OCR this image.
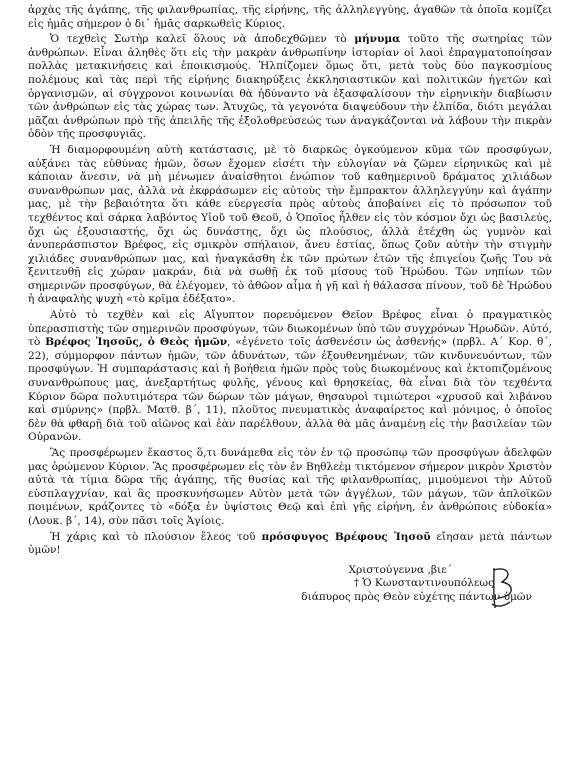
ἀρχὰς τῆς ἀγάπης, τῆς φιλανθρωπίας, τῆς εἰρήνης, τῆς ἀλληλεγγύης, ἀγαθῶν τὰ ὁποῖα κομίζει εἰς ἡμᾶς σήμερον ὁ δι᾽ ἡμᾶς σαρκωθεὶς Κύριος.

Ὁ τεχθεὶς Σωτὴρ καλεῖ ὅλους νὰ ἀποδεχθῶμεν τὸ μήνυμα τοῦτο τῆς σωτηρίας τῶν ἀνθρώπων. Εἶναι ἀληθὲς ὅτι εἰς τὴν μακρὰν ἀνθρωπίνην ἱστορίαν οἱ λαοὶ ἐπραγματοποίησαν πολλὰς μετακινήσεις καὶ ἐποικισμούς. Ἠλπίζομεν ὅμως ὅτι, μετὰ τοὺς δύο παγκοσμίους πολέμους καὶ τὰς περὶ τῆς εἰρήνης διακηρύξεις ἐκκλησιαστικῶν καὶ πολιτικῶν ἡγετῶν καὶ ὀργανισμῶν, αἱ σύγχρονοι κοινωνίαι θὰ ἠδύναντο νὰ ἐξασφαλίσουν τὴν εἰρηνικὴν διαβίωσιν τῶν ἀνθρώπων εἰς τὰς χώρας των. Ἀτυχῶς, τὰ γεγονότα διαψεύδουν τὴν ἐλπίδα, διότι μεγάλαι μᾶζαι ἀνθρώπων πρὸ τῆς ἀπειλῆς τῆς ἐξολοθρεύσεώς των ἀναγκάζονται νὰ λάβουν τὴν πικρὰν ὁδὸν τῆς προσφυγιᾶς.

Ἡ διαμορφουμένη αὐτὴ κατάστασις, μὲ τὸ διαρκῶς ὀγκούμενον κῦμα τῶν προσφύγων, αὐξάνει τὰς εὐθύνας ἡμῶν, ὅσων ἔχομεν εἰσέτι τὴν εὐλογίαν νὰ ζῶμεν εἰρηνικῶς καὶ μὲ κάποιαν ἄνεσιν, νὰ μὴ μένωμεν ἀναίσθητοι ἐνώπιον τοῦ καθημερινοῦ δράματος χιλιάδων συνανθρώπων μας, ἀλλὰ νὰ ἐκφράσωμεν εἰς αὐτοὺς τὴν ἔμπρακτον ἀλληλεγγύην καὶ ἀγάπην μας, μὲ τὴν βεβαιότητα ὅτι κάθε εὐεργεσία πρὸς αὐτοὺς ἀποβαίνει εἰς τὸ πρόσωπον τοῦ τεχθέντος καὶ σάρκα λαβόντος Υἱοῦ τοῦ Θεοῦ, ὁ Ὁποῖος ἦλθεν εἰς τὸν κόσμον ὄχι ὡς βασιλεύς, ὄχι ὡς ἐξουσιαστής, ὄχι ὡς δυνάστης, ὄχι ὡς πλούσιος, ἀλλὰ ἐτέχθη ὡς γυμνὸν καὶ ἀνυπεράσπιστον Βρέφος, εἰς σμικρὸν σπήλαιον, ἄνευ ἑστίας, ὅπως ζοῦν αὐτὴν τὴν στιγμὴν χιλιάδες συνανθρώπων μας, καὶ ἠναγκάσθη ἐκ τῶν πρώτων ἐτῶν τῆς ἐπιγείου ζωῆς Του νὰ ξενιτευθῇ εἰς χώραν μακράν, διὰ νὰ σωθῇ ἐκ τοῦ μίσους τοῦ Ἡρώδου. Τῶν νηπίων τῶν σημερινῶν προσφύγων, θὰ ἐλέγομεν, τὸ ἀθῶον αἷμα ἡ γῆ καὶ ἡ θάλασσα πίνουν, τοῦ δὲ Ἡρώδου ἡ ἀναφαλὴς ψυχὴ «τὸ κρῖμα ἐδέξατο».

Αὐτὸ τὸ τεχθὲν καὶ εἰς Αἴγυπτον πορευόμενον Θεῖον Βρέφος εἶναι ὁ πραγματικὸς ὑπερασπιστὴς τῶν σημερινῶν προσφύγων, τῶν διωκομένων ὑπὸ τῶν συγχρόνων Ἡρωδῶν. Αὐτό, τὸ Βρέφος Ἰησοῦς, ὁ Θεὸς ἡμῶν, «ἐγένετο τοῖς ἀσθενέσιν ὡς ἀσθενής» (πρβλ. Α´ Κορ. θ´, 22), σύμμορφον πάντων ἡμῶν, τῶν ἀδυνάτων, τῶν ἐξουθενημένων, τῶν κινδυνευόντων, τῶν προσφύγων. Ἡ συμπαράστασις καὶ ἡ βοήθεια ἡμῶν πρὸς τοὺς διωκομένους καὶ ἐκτοπιζομένους συνανθρώπους μας, ἀνεξαρτήτως φυλῆς, γένους καὶ θρησκείας, θὰ εἶναι διὰ τὸν τεχθέντα Κύριον δῶρα πολυτιμότερα τῶν δώρων τῶν μάγων, θησαυροὶ τιμιώτεροι «χρυσοῦ καὶ λιβάνου καὶ σμύρνης» (πρβλ. Ματθ. β´, 11), πλοῦτος πνευματικὸς ἀναφαίρετος καὶ μόνιμος, ὁ ὁποῖος δὲν θὰ φθαρῇ διὰ τοῦ αἰῶνος καὶ ἐὰν παρέλθουν, ἀλλὰ θὰ μᾶς ἀναμένῃ εἰς τὴν βασιλείαν τῶν Οὐρανῶν.

Ἂς προσφέρωμεν ἕκαστος ὅ,τι δυνάμεθα εἰς τὸν ἐν τῷ προσώπῳ τῶν προσφύγων ἀδελφῶν μας ὁρώμενον Κύριον. Ἂς προσφέρωμεν εἰς τὸν ἐν Βηθλεὲμ τικτόμενον σήμερον μικρὸν Χριστὸν αὐτὰ τὰ τίμια δῶρα τῆς ἀγάπης, τῆς θυσίας καὶ τῆς φιλανθρωπίας, μιμούμενοι τὴν Αὐτοῦ εὐσπλαγχνίαν, καὶ ἂς προσκυνήσωμεν Αὐτὸν μετὰ τῶν ἀγγέλων, τῶν μάγων, τῶν ἁπλοϊκῶν ποιμένων, κράζοντες τὸ «δόξα ἐν ὑψίστοις Θεῷ καὶ ἐπὶ γῆς εἰρήνη, ἐν ἀνθρώποις εὐδοκία» (Λουκ. β´, 14), σὺν πᾶσι τοῖς Ἁγίοις.

Ἡ χάρις καὶ τὸ πλούσιον ἔλεος τοῦ πρόσφυγος Βρέφους Ἰησοῦ εἴησαν μετὰ πάντων ὑμῶν!

Χριστούγεννα ,βιε´

† Ὁ Κωνσταντινουπόλεως

διάπυρος πρὸς Θεὸν εὐχέτης πάντων ὑμῶν
